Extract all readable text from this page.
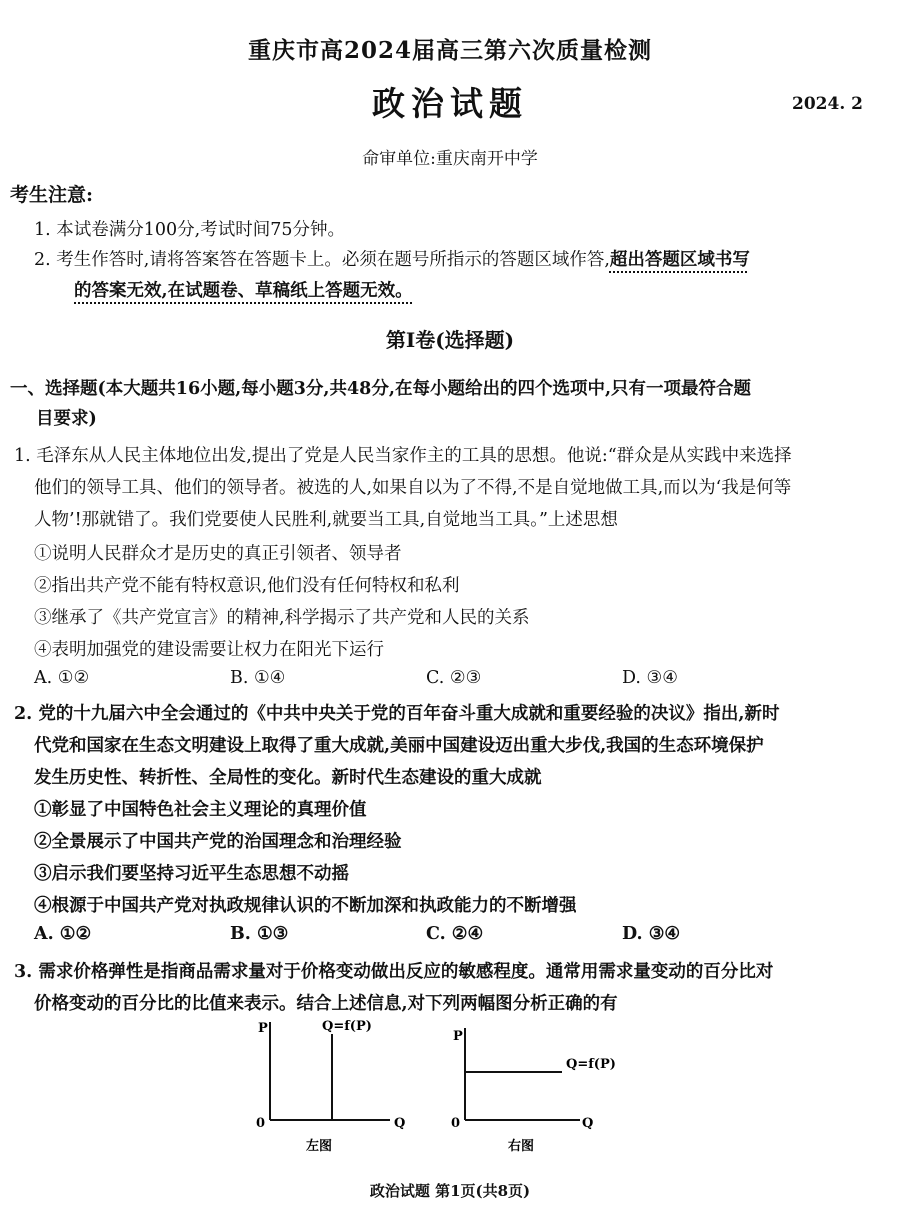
重庆市高2024届高三第六次质量检测
政治试题	2024. 2
命审单位:重庆南开中学
考生注意:
1. 本试卷满分100分,考试时间75分钟。
2. 考生作答时,请将答案答在答题卡上。必须在题号所指示的答题区域作答,超出答题区域书写
的答案无效,在试题卷、草稿纸上答题无效。
第Ⅰ卷(选择题)
一、选择题(本大题共16小题,每小题3分,共48分,在每小题给出的四个选项中,只有一项最符合题
目要求)
1. 毛泽东从人民主体地位出发,提出了党是人民当家作主的工具的思想。他说:“群众是从实践中来选择
他们的领导工具、他们的领导者。被选的人,如果自以为了不得,不是自觉地做工具,而以为‘我是何等
人物’!那就错了。我们党要使人民胜利,就要当工具,自觉地当工具。”上述思想
①说明人民群众才是历史的真正引领者、领导者
②指出共产党不能有特权意识,他们没有任何特权和私利
③继承了《共产党宣言》的精神,科学揭示了共产党和人民的关系
④表明加强党的建设需要让权力在阳光下运行
A. ①②	B. ①④	C. ②③	D. ③④
2. 党的十九届六中全会通过的《中共中央关于党的百年奋斗重大成就和重要经验的决议》指出,新时
代党和国家在生态文明建设上取得了重大成就,美丽中国建设迈出重大步伐,我国的生态环境保护
发生历史性、转折性、全局性的变化。新时代生态建设的重大成就
①彰显了中国特色社会主义理论的真理价值
②全景展示了中国共产党的治国理念和治理经验
③启示我们要坚持习近平生态思想不动摇
④根源于中国共产党对执政规律认识的不断加深和执政能力的不断增强
A. ①②	B. ①③	C. ②④	D. ③④
3. 需求价格弹性是指商品需求量对于价格变动做出反应的敏感程度。通常用需求量变动的百分比对
价格变动的百分比的比值来表示。结合上述信息,对下列两幅图分析正确的有
P	Q=f(P)
0	Q
左图
P
Q=f(P)
0	Q
右图
政治试题 第1页(共8页)
